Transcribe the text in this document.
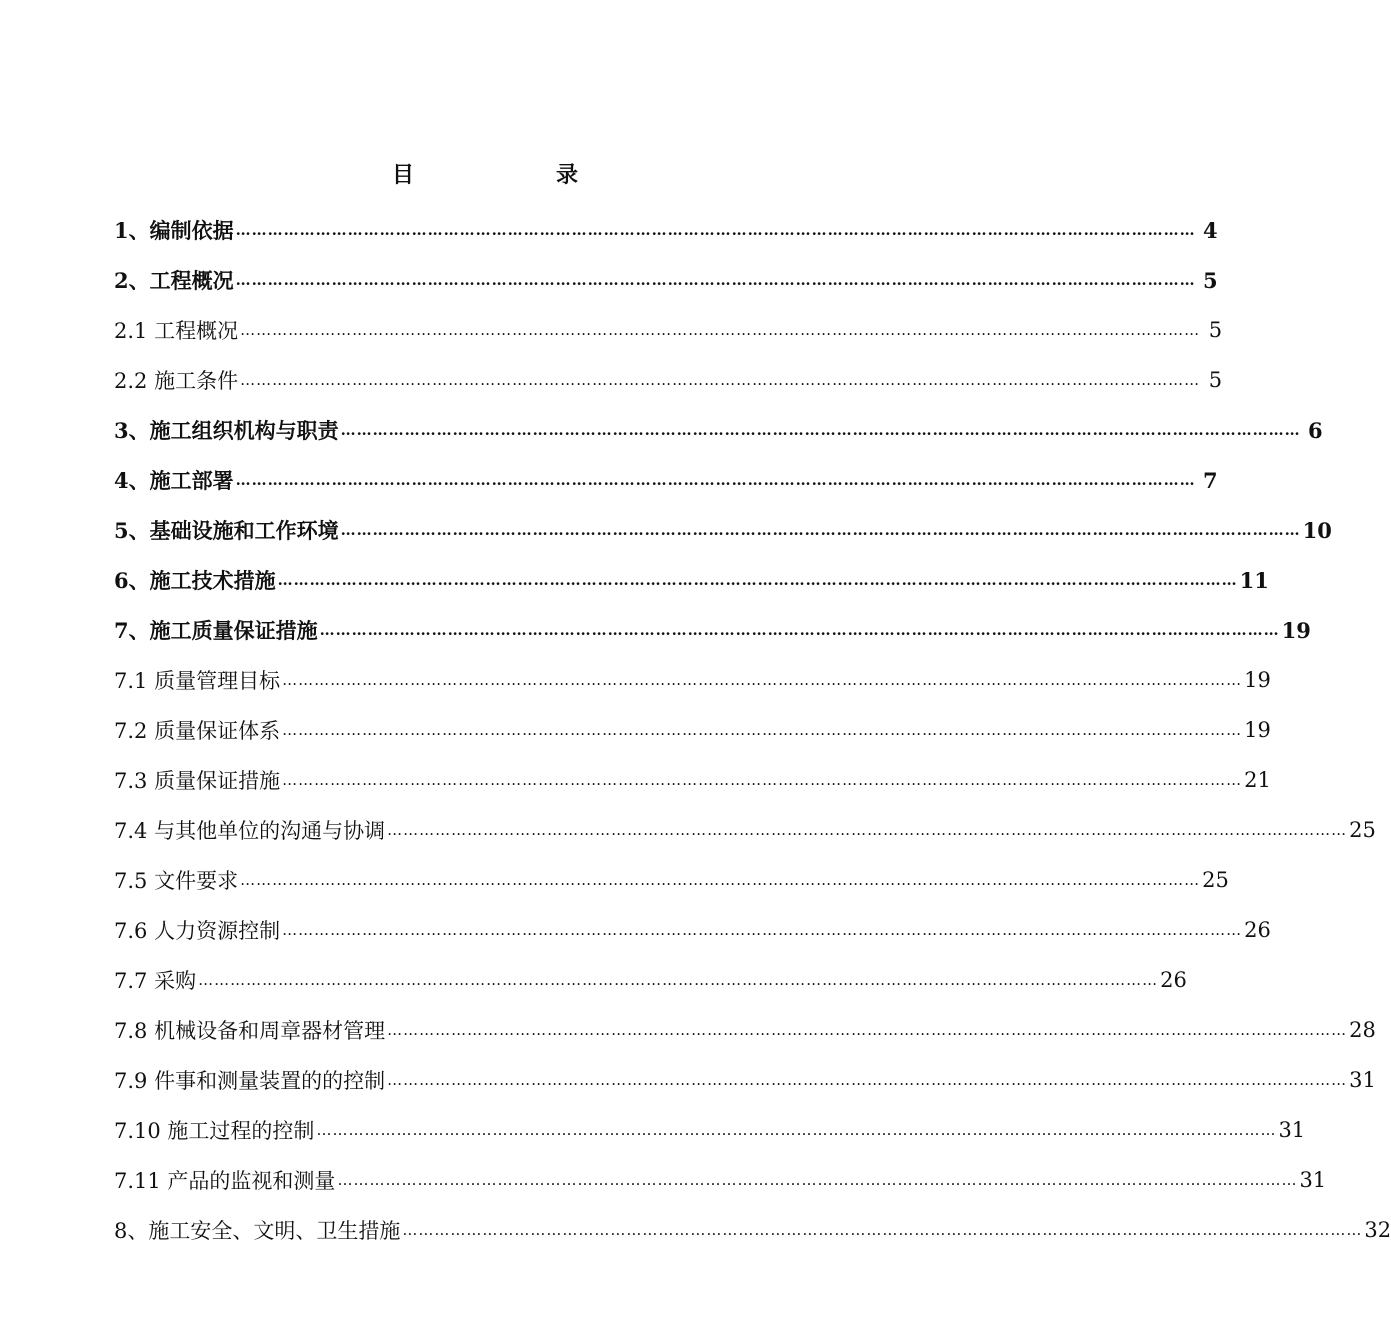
目	录
1、编制依据 ……………………………………………………………………………………………………………………………………………………………… 4
2、工程概况 ……………………………………………………………………………………………………………………………………………………………… 5
2.1 工程概况 ……………………………………………………………………………………………………………………………………………………………… 5
2.2 施工条件 ……………………………………………………………………………………………………………………………………………………………… 5
3、施工组织机构与职责 ……………………………………………………………………………………………………………………………………………………………… 6
4、施工部署 ……………………………………………………………………………………………………………………………………………………………… 7
5、基础设施和工作环境 ……………………………………………………………………………………………………………………………………………………………… 10
6、施工技术措施 ……………………………………………………………………………………………………………………………………………………………… 11
7、施工质量保证措施 ……………………………………………………………………………………………………………………………………………………………… 19
7.1 质量管理目标 ……………………………………………………………………………………………………………………………………………………………… 19
7.2 质量保证体系 ……………………………………………………………………………………………………………………………………………………………… 19
7.3 质量保证措施 ……………………………………………………………………………………………………………………………………………………………… 21
7.4 与其他单位的沟通与协调 ……………………………………………………………………………………………………………………………………………………………… 25
7.5 文件要求 ……………………………………………………………………………………………………………………………………………………………… 25
7.6 人力资源控制 ……………………………………………………………………………………………………………………………………………………………… 26
7.7 采购 ……………………………………………………………………………………………………………………………………………………………… 26
7.8 机械设备和周章器材管理 ……………………………………………………………………………………………………………………………………………………………… 28
7.9 件事和测量装置的的控制 ……………………………………………………………………………………………………………………………………………………………… 31
7.10 施工过程的控制 ……………………………………………………………………………………………………………………………………………………………… 31
7.11 产品的监视和测量 ……………………………………………………………………………………………………………………………………………………………… 31
8、施工安全、文明、卫生措施 ……………………………………………………………………………………………………………………………………………………………… 32
